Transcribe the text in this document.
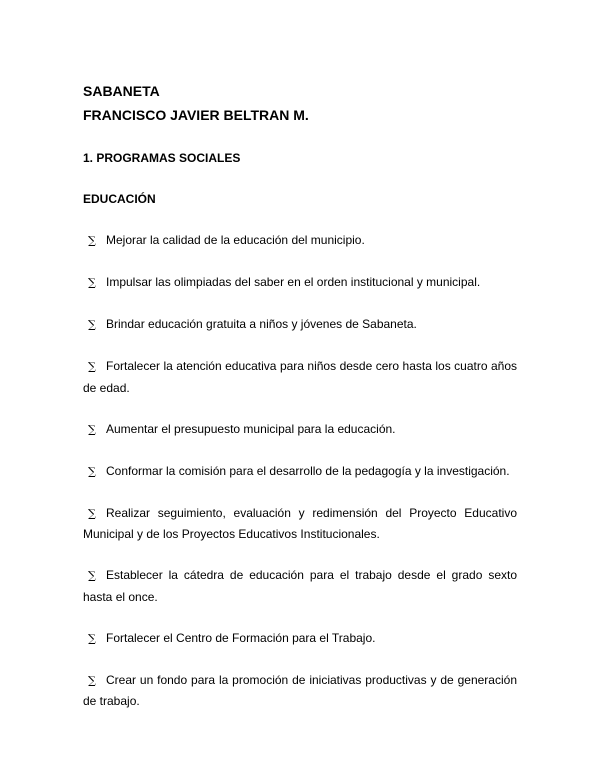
SABANETA
FRANCISCO JAVIER BELTRAN M.
1. PROGRAMAS SOCIALES
EDUCACIÓN
∑ Mejorar la calidad de la educación del municipio.
∑ Impulsar las olimpiadas del saber en el orden institucional y municipal.
∑ Brindar educación gratuita a niños y jóvenes de Sabaneta.
∑ Fortalecer la atención educativa para niños desde cero hasta los cuatro años de edad.
∑ Aumentar el presupuesto municipal para la educación.
∑ Conformar la comisión para el desarrollo de la pedagogía y la investigación.
∑ Realizar seguimiento, evaluación y redimensión del Proyecto Educativo Municipal y de los Proyectos Educativos Institucionales.
∑ Establecer la cátedra de educación para el trabajo desde el grado sexto hasta el once.
∑ Fortalecer el Centro de Formación para el Trabajo.
∑ Crear un fondo para la promoción de iniciativas productivas y de generación de trabajo.
